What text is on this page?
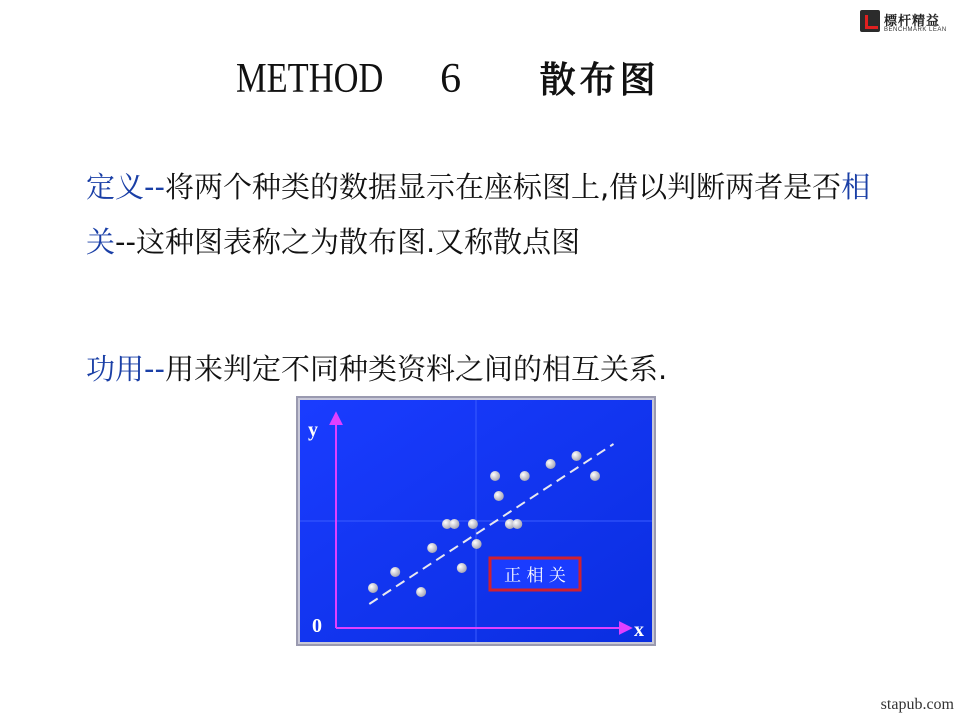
標杆精益
BENCHMARK LEAN
METHOD 6 散布图
定义--将两个种类的数据显示在座标图上,借以判断两者是否相关--这种图表称之为散布图.又称散点图
功用--用来判定不同种类资料之间的相互关系.
y
x
0
正 相 关
stapub.com
